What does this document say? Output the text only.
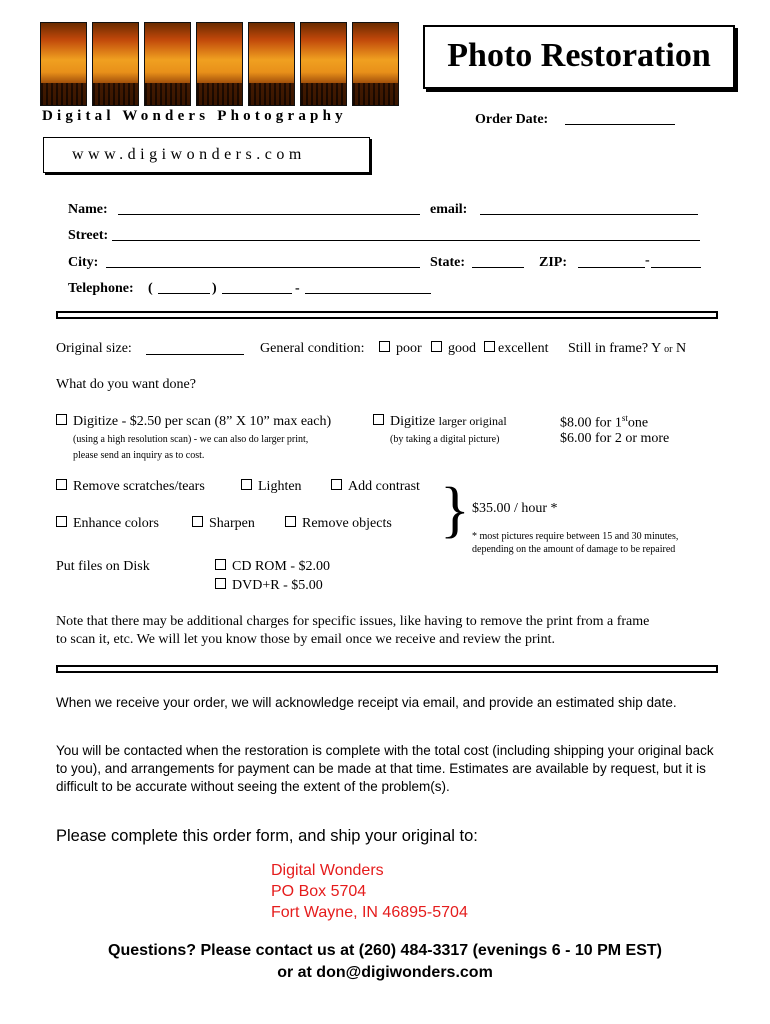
Digital Wonders Photography
Photo Restoration
Order Date:
www.digiwonders.com
Name:	email:
Street:
City:	State:	ZIP:	-
Telephone: (	)	-
Original size:	General condition:	poor	good	excellent Still in frame? Y or N
What do you want done?
Digitize - $2.50 per scan (8” X 10” max each)
(using a high resolution scan) - we can also do larger print,
please send an inquiry as to cost.
Digitize larger original
(by taking a digital picture)
$8.00 for 1stone
$6.00 for 2 or more
Remove scratches/tears	Lighten	Add contrast
Enhance colors	Sharpen	Remove objects } $35.00 / hour *
* most pictures require between 15 and 30 minutes,
depending on the amount of damage to be repaired
Put files on Disk	CD ROM - $2.00
DVD+R - $5.00
Note that there may be additional charges for specific issues, like having to remove the print from a frame
to scan it, etc. We will let you know those by email once we receive and review the print.
When we receive your order, we will acknowledge receipt via email, and provide an estimated ship date.
You will be contacted when the restoration is complete with the total cost (including shipping your original back to you), and arrangements for payment can be made at that time. Estimates are available by request, but it is difficult to be accurate without seeing the extent of the problem(s).
Please complete this order form, and ship your original to:
Digital Wonders
PO Box 5704
Fort Wayne, IN 46895-5704
Questions? Please contact us at (260) 484-3317 (evenings 6 - 10 PM EST)
or at don@digiwonders.com
